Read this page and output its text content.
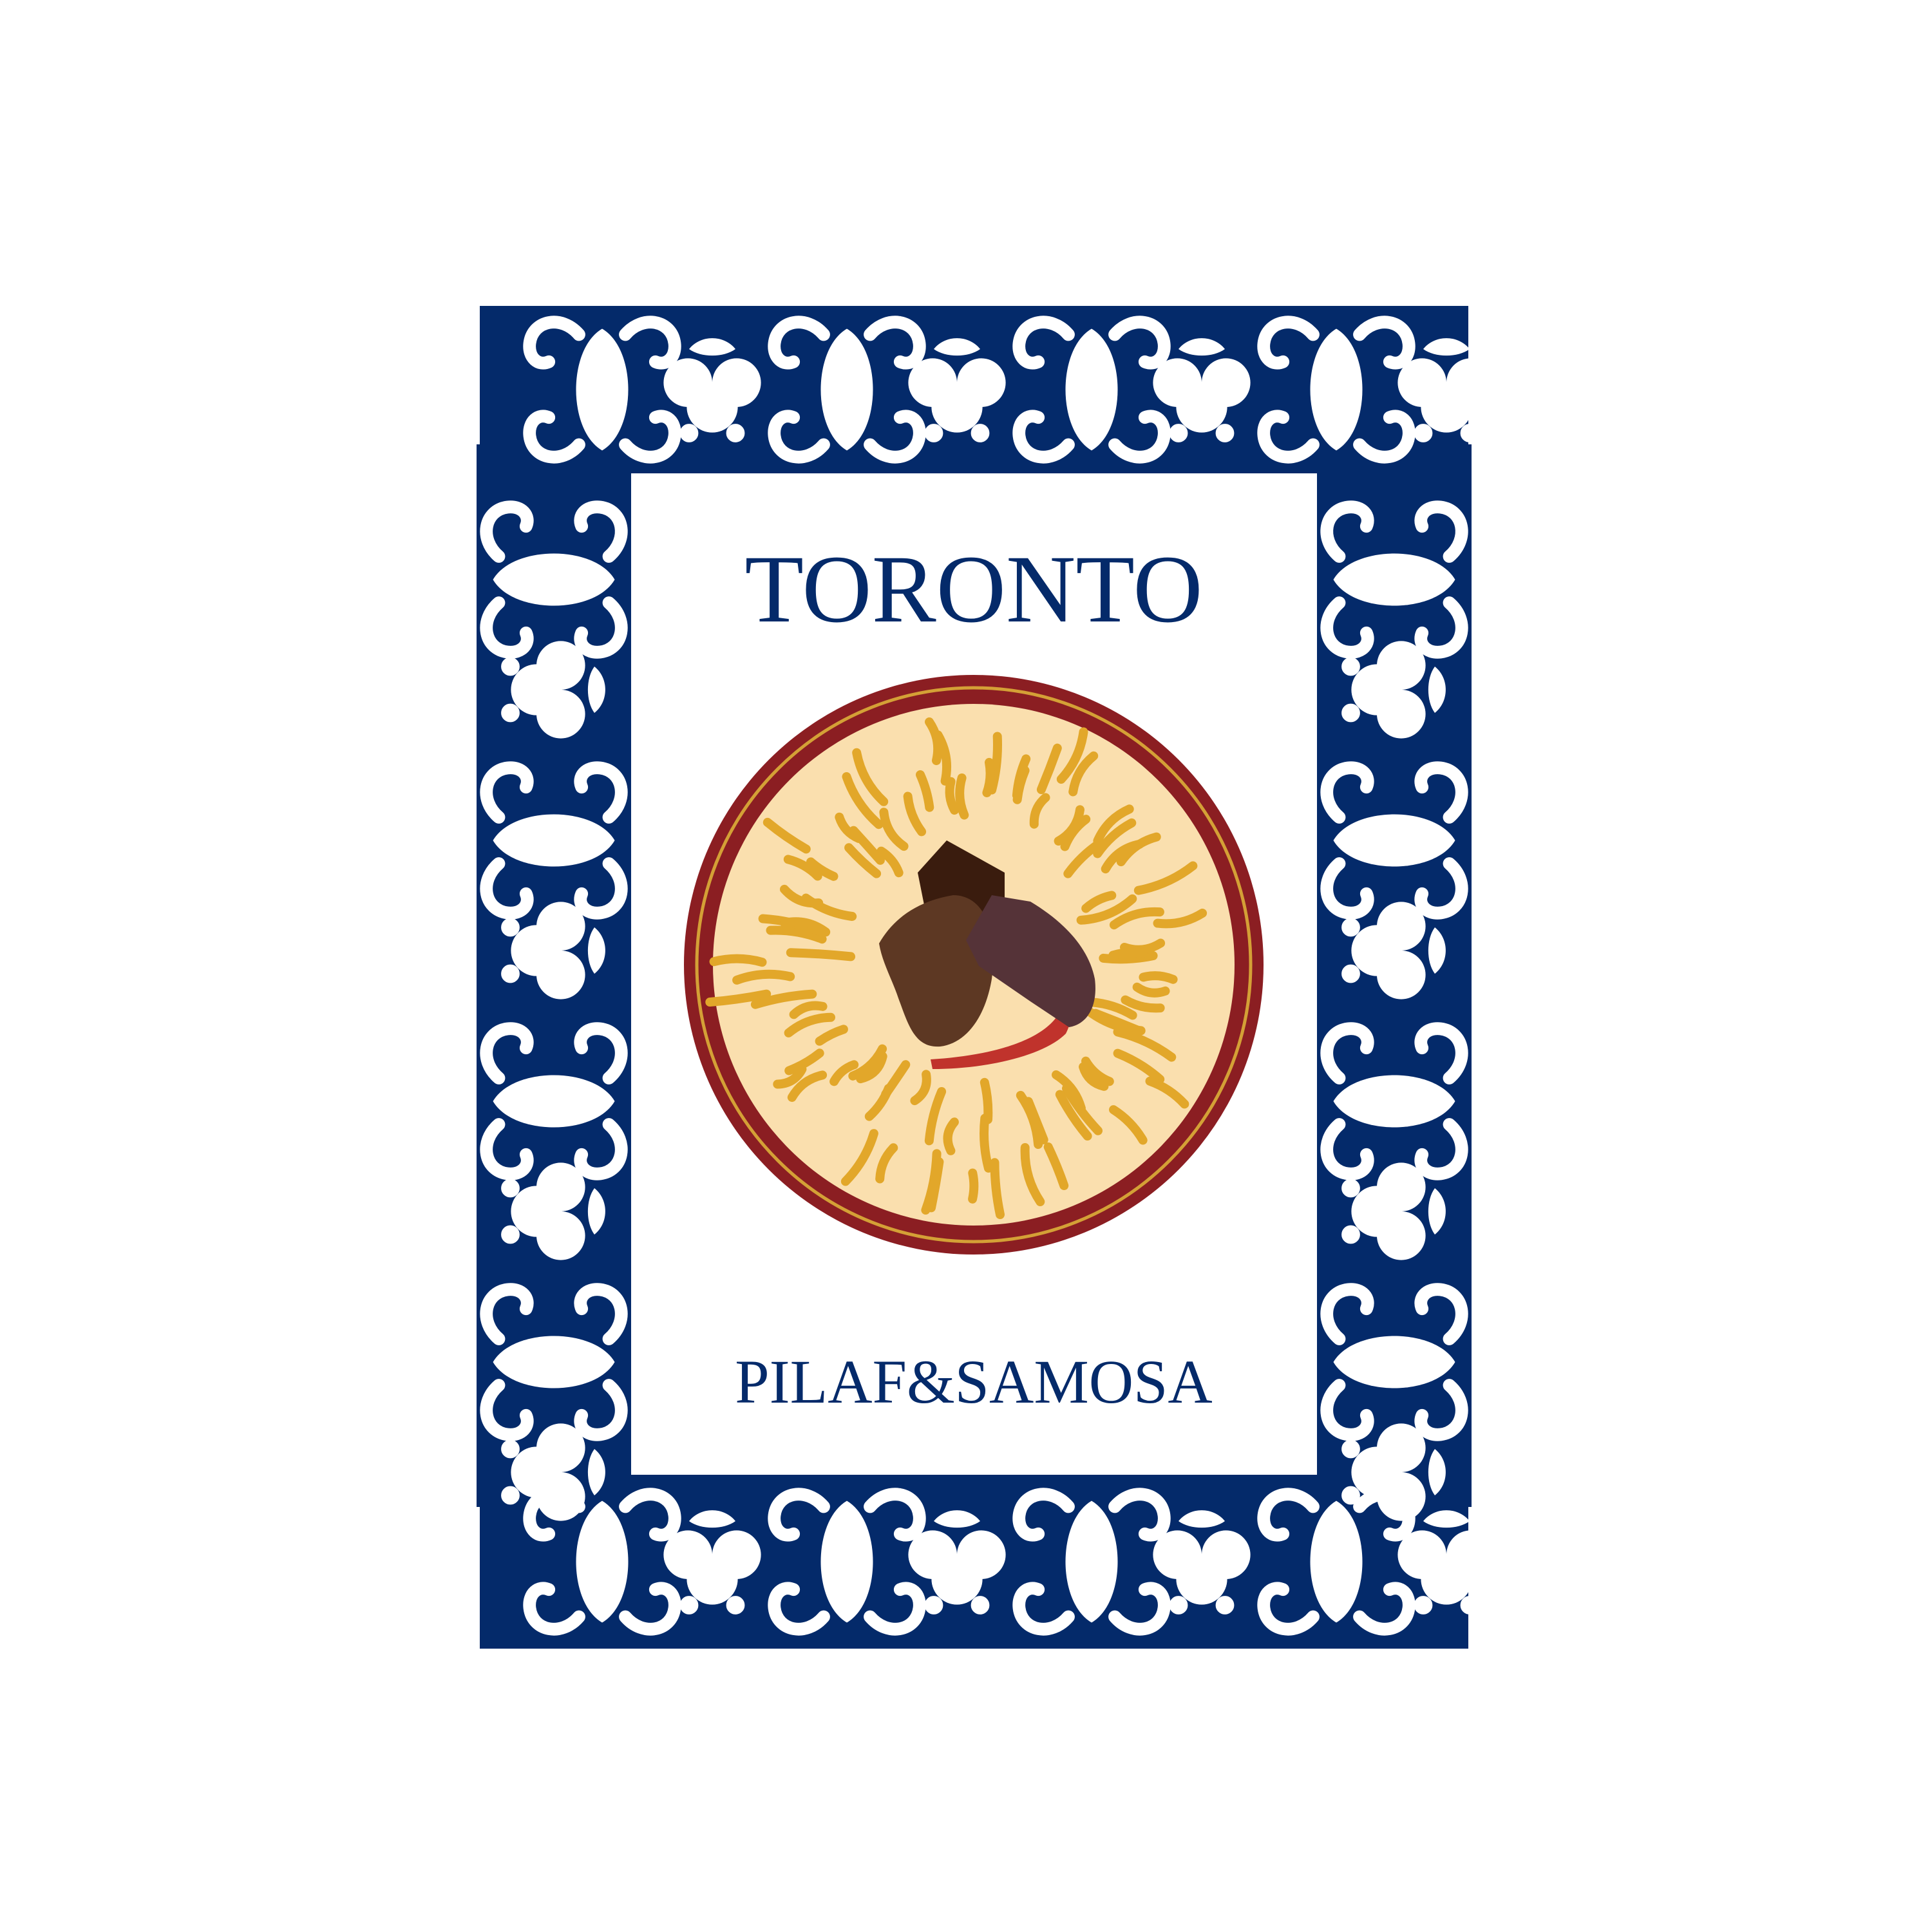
TORONTO
PILAF&SAMOSA
